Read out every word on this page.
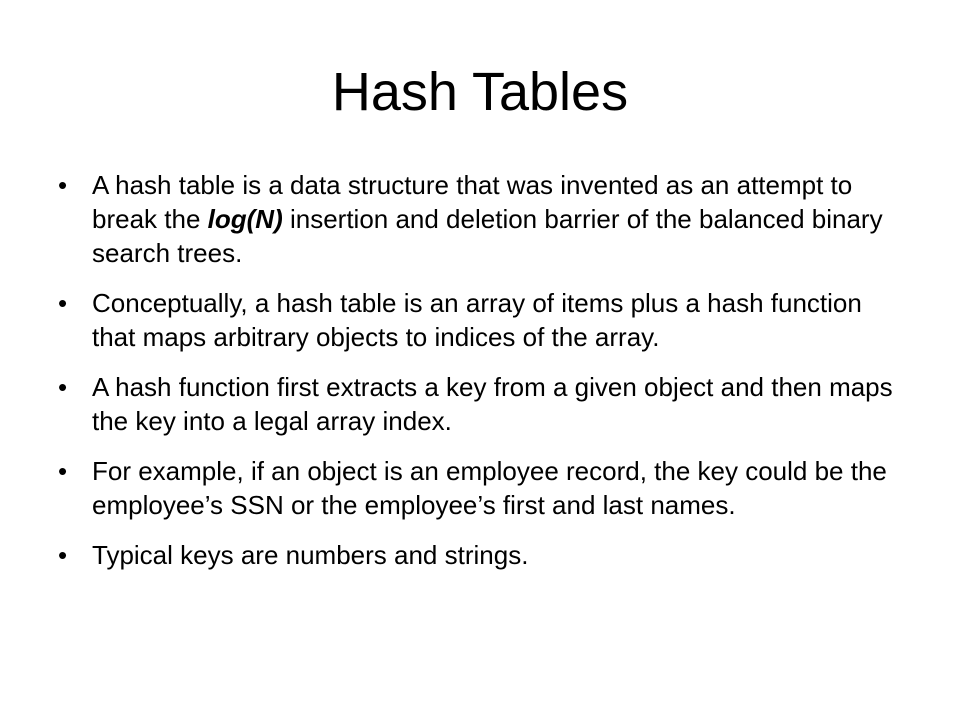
Hash Tables
• A hash table is a data structure that was invented as an attempt to break the log(N) insertion and deletion barrier of the balanced binary search trees.
• Conceptually, a hash table is an array of items plus a hash function that maps arbitrary objects to indices of the array.
• A hash function first extracts a key from a given object and then maps the key into a legal array index.
• For example, if an object is an employee record, the key could be the employee’s SSN or the employee’s first and last names.
• Typical keys are numbers and strings.
